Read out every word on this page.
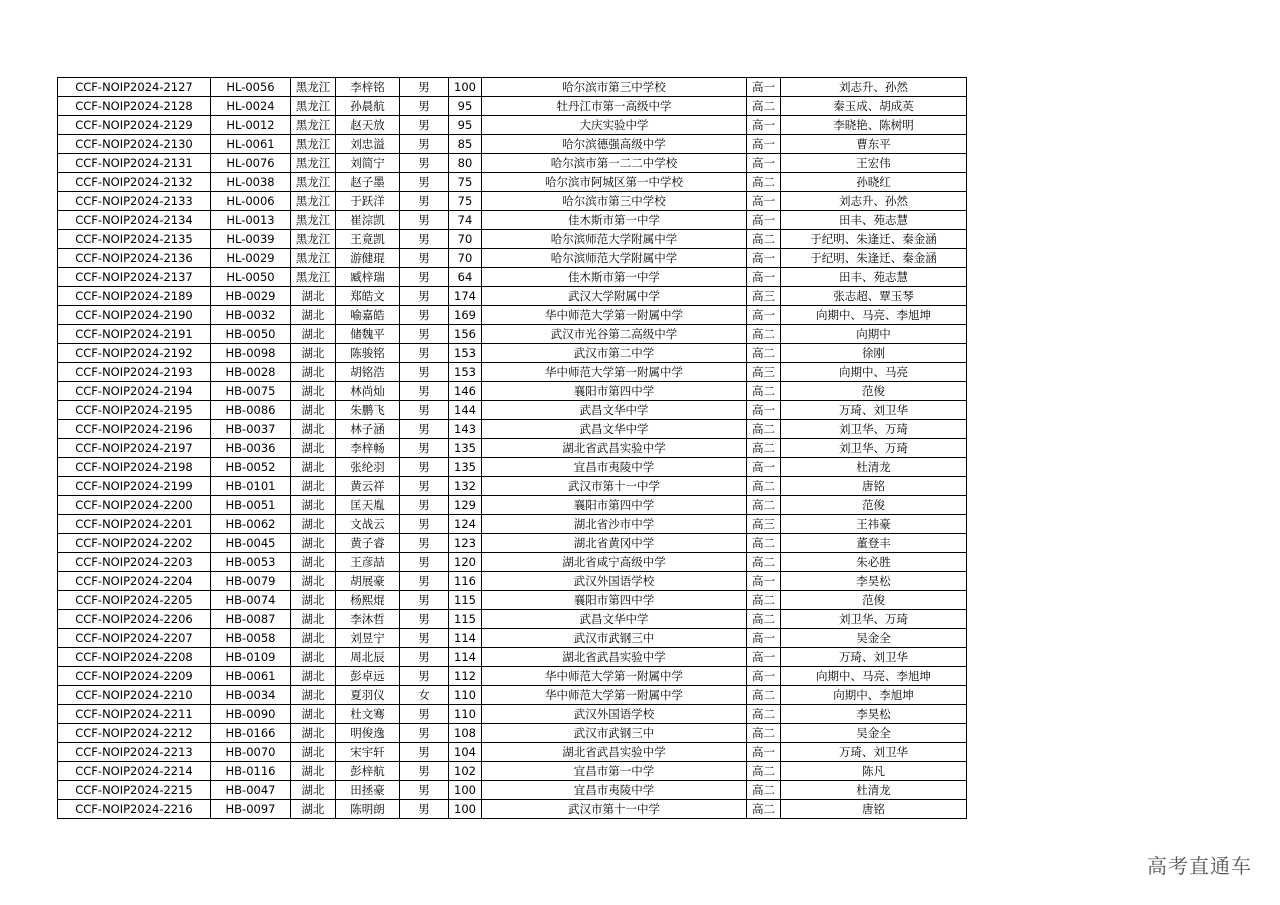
CCF-NOIP2024-2127	HL-0056	黑龙江	李梓铭	男	100	哈尔滨市第三中学校	高一	刘志升、孙然
CCF-NOIP2024-2128	HL-0024	黑龙江	孙晨航	男	95	牡丹江市第一高级中学	高二	秦玉成、胡成英
CCF-NOIP2024-2129	HL-0012	黑龙江	赵天放	男	95	大庆实验中学	高一	李晓艳、陈树明
CCF-NOIP2024-2130	HL-0061	黑龙江	刘忠溢	男	85	哈尔滨德强高级中学	高一	曹东平
CCF-NOIP2024-2131	HL-0076	黑龙江	刘简宁	男	80	哈尔滨市第一二二中学校	高一	王宏伟
CCF-NOIP2024-2132	HL-0038	黑龙江	赵子墨	男	75	哈尔滨市阿城区第一中学校	高二	孙晓红
CCF-NOIP2024-2133	HL-0006	黑龙江	于跃洋	男	75	哈尔滨市第三中学校	高一	刘志升、孙然
CCF-NOIP2024-2134	HL-0013	黑龙江	崔淙凯	男	74	佳木斯市第一中学	高一	田丰、苑志慧
CCF-NOIP2024-2135	HL-0039	黑龙江	王竟凯	男	70	哈尔滨师范大学附属中学	高二	于纪明、朱逢迁、秦金涵
CCF-NOIP2024-2136	HL-0029	黑龙江	游健琨	男	70	哈尔滨师范大学附属中学	高一	于纪明、朱逢迁、秦金涵
CCF-NOIP2024-2137	HL-0050	黑龙江	臧梓瑞	男	64	佳木斯市第一中学	高一	田丰、苑志慧
CCF-NOIP2024-2189	HB-0029	湖北	郑皓文	男	174	武汉大学附属中学	高三	张志超、覃玉琴
CCF-NOIP2024-2190	HB-0032	湖北	喻嘉皓	男	169	华中师范大学第一附属中学	高一	向期中、马亮、李旭坤
CCF-NOIP2024-2191	HB-0050	湖北	储魏平	男	156	武汉市光谷第二高级中学	高二	向期中
CCF-NOIP2024-2192	HB-0098	湖北	陈骏铭	男	153	武汉市第二中学	高二	徐刚
CCF-NOIP2024-2193	HB-0028	湖北	胡铭浩	男	153	华中师范大学第一附属中学	高三	向期中、马亮
CCF-NOIP2024-2194	HB-0075	湖北	林尚灿	男	146	襄阳市第四中学	高二	范俊
CCF-NOIP2024-2195	HB-0086	湖北	朱鹏飞	男	144	武昌文华中学	高一	万琦、刘卫华
CCF-NOIP2024-2196	HB-0037	湖北	林子涵	男	143	武昌文华中学	高二	刘卫华、万琦
CCF-NOIP2024-2197	HB-0036	湖北	李梓畅	男	135	湖北省武昌实验中学	高二	刘卫华、万琦
CCF-NOIP2024-2198	HB-0052	湖北	张纶羽	男	135	宜昌市夷陵中学	高一	杜清龙
CCF-NOIP2024-2199	HB-0101	湖北	黄云祥	男	132	武汉市第十一中学	高二	唐铭
CCF-NOIP2024-2200	HB-0051	湖北	匡天胤	男	129	襄阳市第四中学	高二	范俊
CCF-NOIP2024-2201	HB-0062	湖北	文战云	男	124	湖北省沙市中学	高三	王祎豪
CCF-NOIP2024-2202	HB-0045	湖北	黄子睿	男	123	湖北省黄冈中学	高二	董登丰
CCF-NOIP2024-2203	HB-0053	湖北	王彦喆	男	120	湖北省咸宁高级中学	高二	朱必胜
CCF-NOIP2024-2204	HB-0079	湖北	胡展豪	男	116	武汉外国语学校	高一	李昊松
CCF-NOIP2024-2205	HB-0074	湖北	杨熙焜	男	115	襄阳市第四中学	高二	范俊
CCF-NOIP2024-2206	HB-0087	湖北	李沐哲	男	115	武昌文华中学	高二	刘卫华、万琦
CCF-NOIP2024-2207	HB-0058	湖北	刘昱宁	男	114	武汉市武钢三中	高一	吴金全
CCF-NOIP2024-2208	HB-0109	湖北	周北辰	男	114	湖北省武昌实验中学	高一	万琦、刘卫华
CCF-NOIP2024-2209	HB-0061	湖北	彭卓远	男	112	华中师范大学第一附属中学	高一	向期中、马亮、李旭坤
CCF-NOIP2024-2210	HB-0034	湖北	夏羽仪	女	110	华中师范大学第一附属中学	高二	向期中、李旭坤
CCF-NOIP2024-2211	HB-0090	湖北	杜文骞	男	110	武汉外国语学校	高二	李昊松
CCF-NOIP2024-2212	HB-0166	湖北	明俊逸	男	108	武汉市武钢三中	高二	吴金全
CCF-NOIP2024-2213	HB-0070	湖北	宋宇轩	男	104	湖北省武昌实验中学	高一	万琦、刘卫华
CCF-NOIP2024-2214	HB-0116	湖北	彭梓航	男	102	宜昌市第一中学	高二	陈凡
CCF-NOIP2024-2215	HB-0047	湖北	田拯豪	男	100	宜昌市夷陵中学	高二	杜清龙
CCF-NOIP2024-2216	HB-0097	湖北	陈明朗	男	100	武汉市第十一中学	高二	唐铭
高考直通车
